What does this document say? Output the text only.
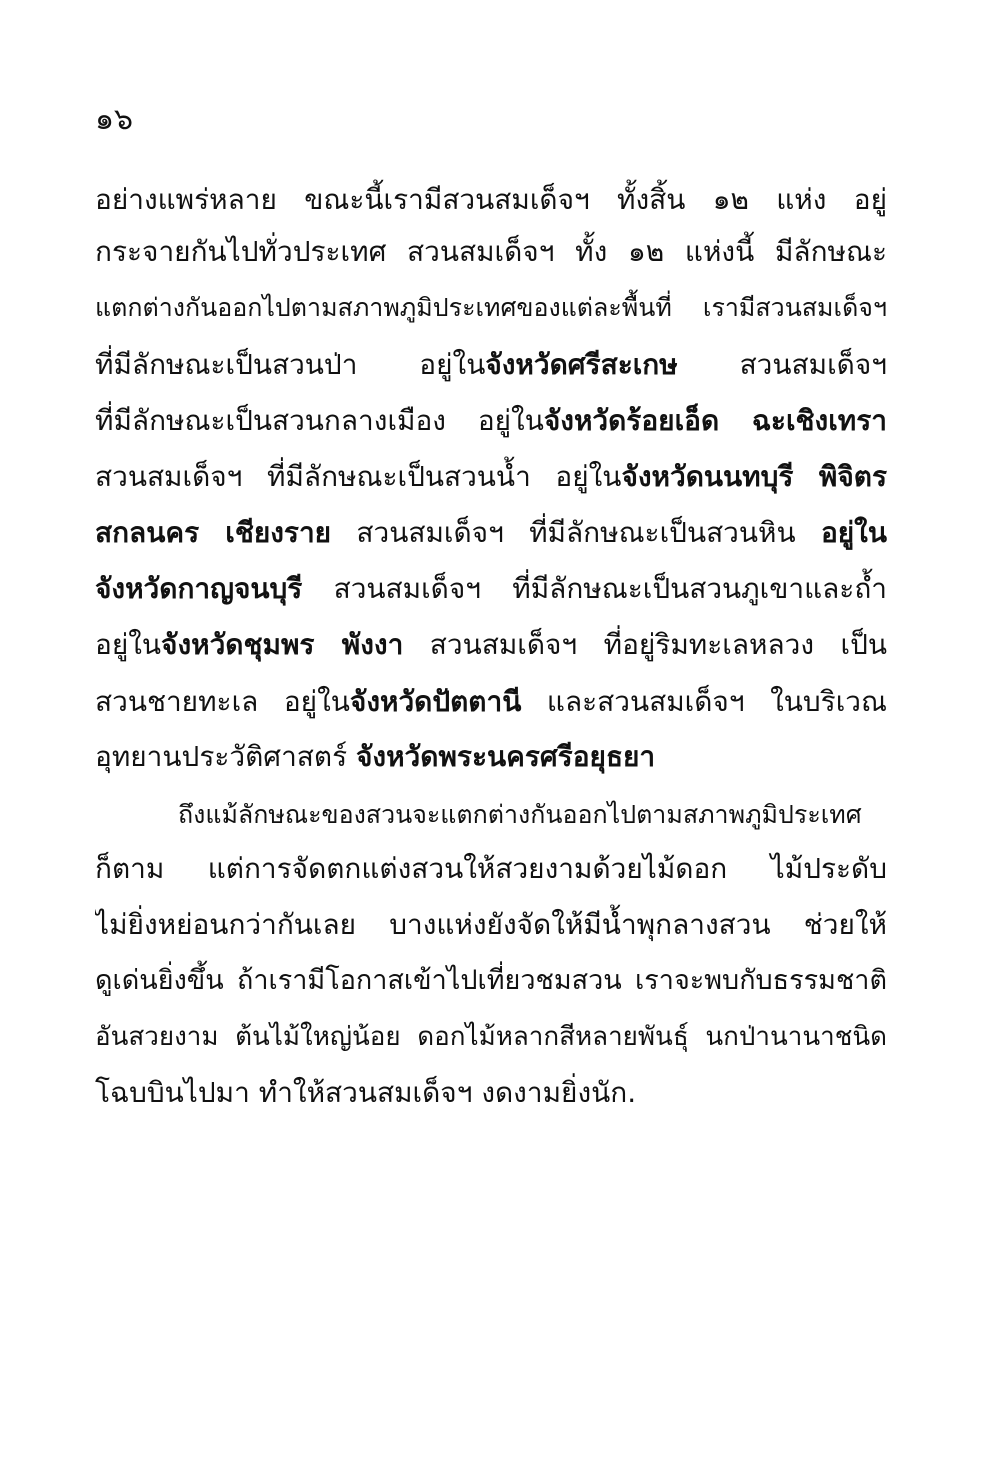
๑๖
อย่างแพร่หลาย ขณะนี้เรามีสวนสมเด็จฯ ทั้งสิ้น ๑๒ แห่ง อยู่
กระจายกันไปทั่วประเทศ สวนสมเด็จฯ ทั้ง ๑๒ แห่งนี้ มีลักษณะ
แตกต่างกันออกไปตามสภาพภูมิประเทศของแต่ละพื้นที่ เรามีสวนสมเด็จฯ
ที่มีลักษณะเป็นสวนป่า อยู่ในจังหวัดศรีสะเกษ สวนสมเด็จฯ
ที่มีลักษณะเป็นสวนกลางเมือง อยู่ในจังหวัดร้อยเอ็ด ฉะเชิงเทรา
สวนสมเด็จฯ ที่มีลักษณะเป็นสวนน้ำ อยู่ในจังหวัดนนทบุรี พิจิตร
สกลนคร เชียงราย สวนสมเด็จฯ ที่มีลักษณะเป็นสวนหิน อยู่ใน
จังหวัดกาญจนบุรี สวนสมเด็จฯ ที่มีลักษณะเป็นสวนภูเขาและถ้ำ
อยู่ในจังหวัดชุมพร พังงา สวนสมเด็จฯ ที่อยู่ริมทะเลหลวง เป็น
สวนชายทะเล อยู่ในจังหวัดปัตตานี และสวนสมเด็จฯ ในบริเวณ
อุทยานประวัติศาสตร์ จังหวัดพระนครศรีอยุธยา
ถึงแม้ลักษณะของสวนจะแตกต่างกันออกไปตามสภาพภูมิประเทศ
ก็ตาม แต่การจัดตกแต่งสวนให้สวยงามด้วยไม้ดอก ไม้ประดับ
ไม่ยิ่งหย่อนกว่ากันเลย บางแห่งยังจัดให้มีน้ำพุกลางสวน ช่วยให้
ดูเด่นยิ่งขึ้น ถ้าเรามีโอกาสเข้าไปเที่ยวชมสวน เราจะพบกับธรรมชาติ
อันสวยงาม ต้นไม้ใหญ่น้อย ดอกไม้หลากสีหลายพันธุ์ นกป่านานาชนิด
โฉบบินไปมา ทำให้สวนสมเด็จฯ งดงามยิ่งนัก.
